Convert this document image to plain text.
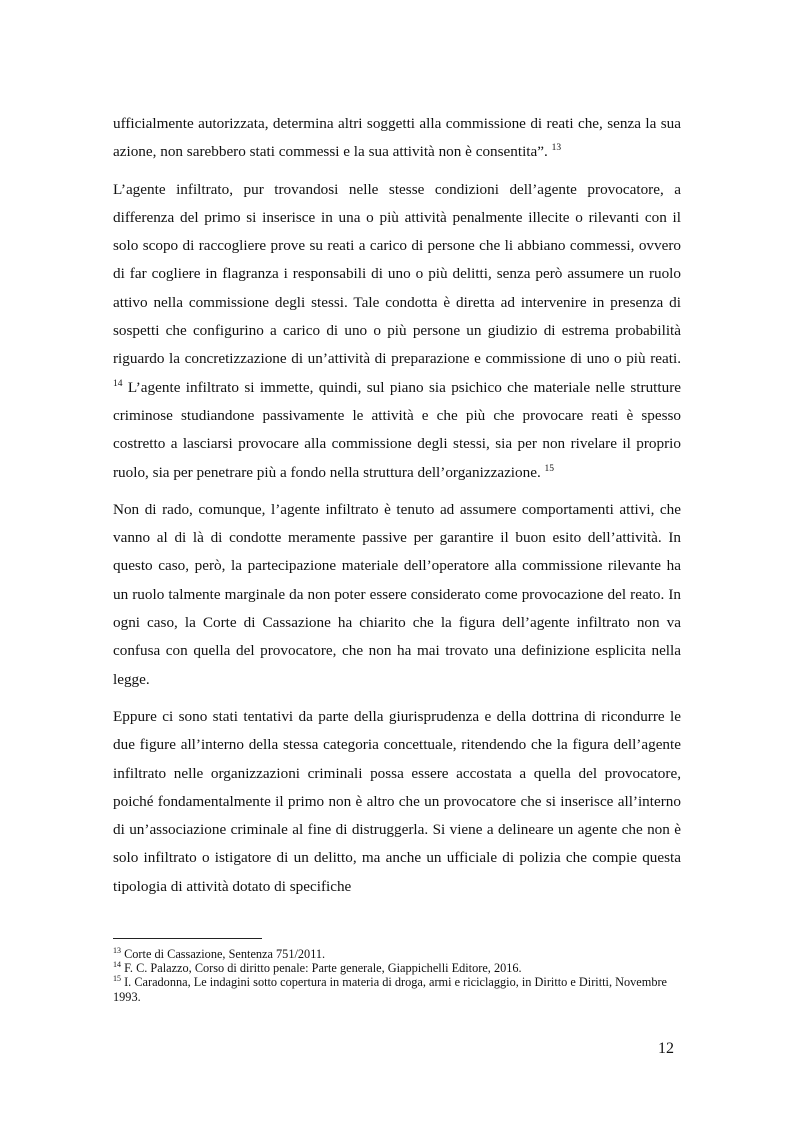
ufficialmente autorizzata, determina altri soggetti alla commissione di reati che, senza la sua azione, non sarebbero stati commessi e la sua attività non è consentita”. $^{13}$

L’agente infiltrato, pur trovandosi nelle stesse condizioni dell’agente provocatore, a differenza del primo si inserisce in una o più attività penalmente illecite o rilevanti con il solo scopo di raccogliere prove su reati a carico di persone che li abbiano commessi, ovvero di far cogliere in flagranza i responsabili di uno o più delitti, senza però assumere un ruolo attivo nella commissione degli stessi. Tale condotta è diretta ad intervenire in presenza di sospetti che configurino a carico di uno o più persone un giudizio di estrema probabilità riguardo la concretizzazione di un’attività di preparazione e commissione di uno o più reati. $^{14}$ L’agente infiltrato si immette, quindi, sul piano sia psichico che materiale nelle strutture criminose studiandone passivamente le attività e che più che provocare reati è spesso costretto a lasciarsi provocare alla commissione degli stessi, sia per non rivelare il proprio ruolo, sia per penetrare più a fondo nella struttura dell’organizzazione. $^{15}$

Non di rado, comunque, l’agente infiltrato è tenuto ad assumere comportamenti attivi, che vanno al di là di condotte meramente passive per garantire il buon esito dell’attività. In questo caso, però, la partecipazione materiale dell’operatore alla commissione rilevante ha un ruolo talmente marginale da non poter essere considerato come provocazione del reato. In ogni caso, la Corte di Cassazione ha chiarito che la figura dell’agente infiltrato non va confusa con quella del provocatore, che non ha mai trovato una definizione esplicita nella legge.

Eppure ci sono stati tentativi da parte della giurisprudenza e della dottrina di ricondurre le due figure all’interno della stessa categoria concettuale, ritendendo che la figura dell’agente infiltrato nelle organizzazioni criminali possa essere accostata a quella del provocatore, poiché fondamentalmente il primo non è altro che un provocatore che si inserisce all’interno di un’associazione criminale al fine di distruggerla. Si viene a delineare un agente che non è solo infiltrato o istigatore di un delitto, ma anche un ufficiale di polizia che compie questa tipologia di attività dotato di specifiche

$^{13}$ Corte di Cassazione, Sentenza 751/2011.

$^{14}$ F. C. Palazzo, Corso di diritto penale: Parte generale, Giappichelli Editore, 2016.

$^{15}$ I. Caradonna, Le indagini sotto copertura in materia di droga, armi e riciclaggio, in Diritto e Diritti, Novembre 1993.

12
